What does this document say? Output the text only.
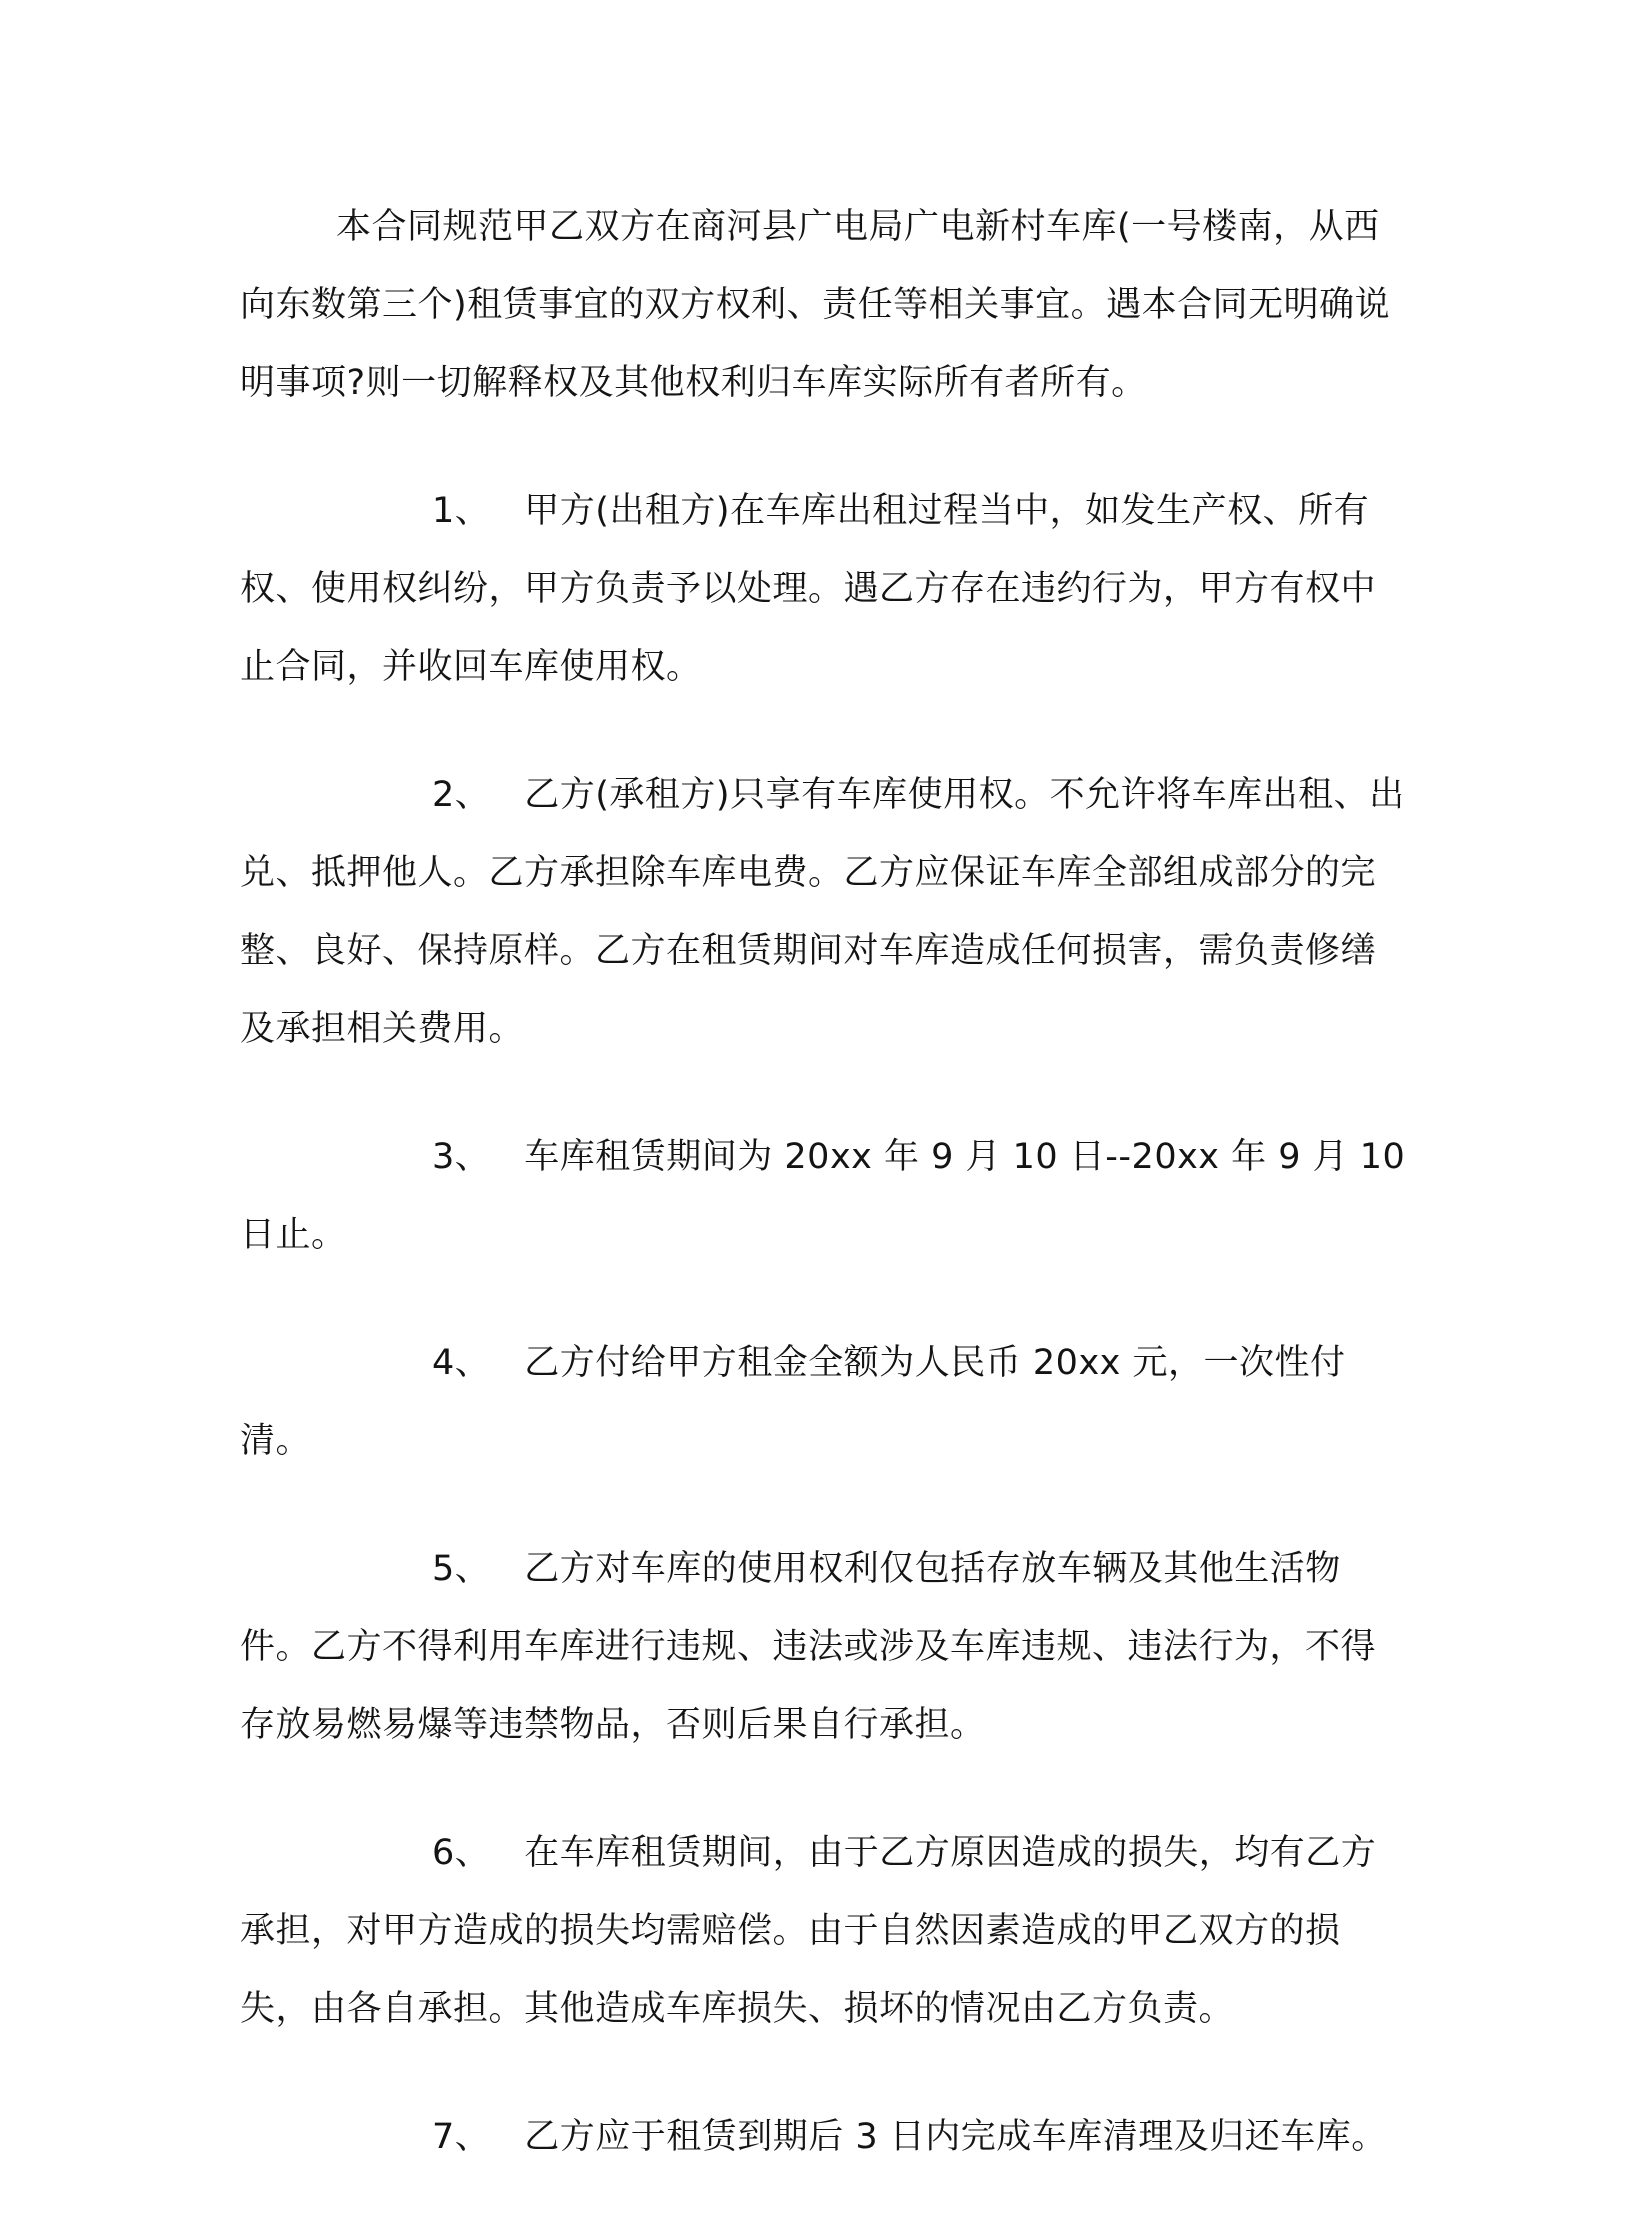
本合同规范甲乙双方在商河县广电局广电新村车库(一号楼南，从西向东数第三个)租赁事宜的双方权利、责任等相关事宜。遇本合同无明确说明事项?则一切解释权及其他权利归车库实际所有者所有。

1、 甲方(出租方)在车库出租过程当中，如发生产权、所有权、使用权纠纷，甲方负责予以处理。遇乙方存在违约行为，甲方有权中止合同，并收回车库使用权。

2、 乙方(承租方)只享有车库使用权。不允许将车库出租、出兑、抵押他人。乙方承担除车库电费。乙方应保证车库全部组成部分的完整、良好、保持原样。乙方在租赁期间对车库造成任何损害，需负责修缮及承担相关费用。

3、 车库租赁期间为 20xx 年 9 月 10 日--20xx 年 9 月 10 日止。

4、 乙方付给甲方租金全额为人民币 20xx 元，一次性付清。

5、 乙方对车库的使用权利仅包括存放车辆及其他生活物件。乙方不得利用车库进行违规、违法或涉及车库违规、违法行为，不得存放易燃易爆等违禁物品，否则后果自行承担。

6、 在车库租赁期间，由于乙方原因造成的损失，均有乙方承担，对甲方造成的损失均需赔偿。由于自然因素造成的甲乙双方的损失，由各自承担。其他造成车库损失、损坏的情况由乙方负责。

7、 乙方应于租赁到期后 3 日内完成车库清理及归还车库。
